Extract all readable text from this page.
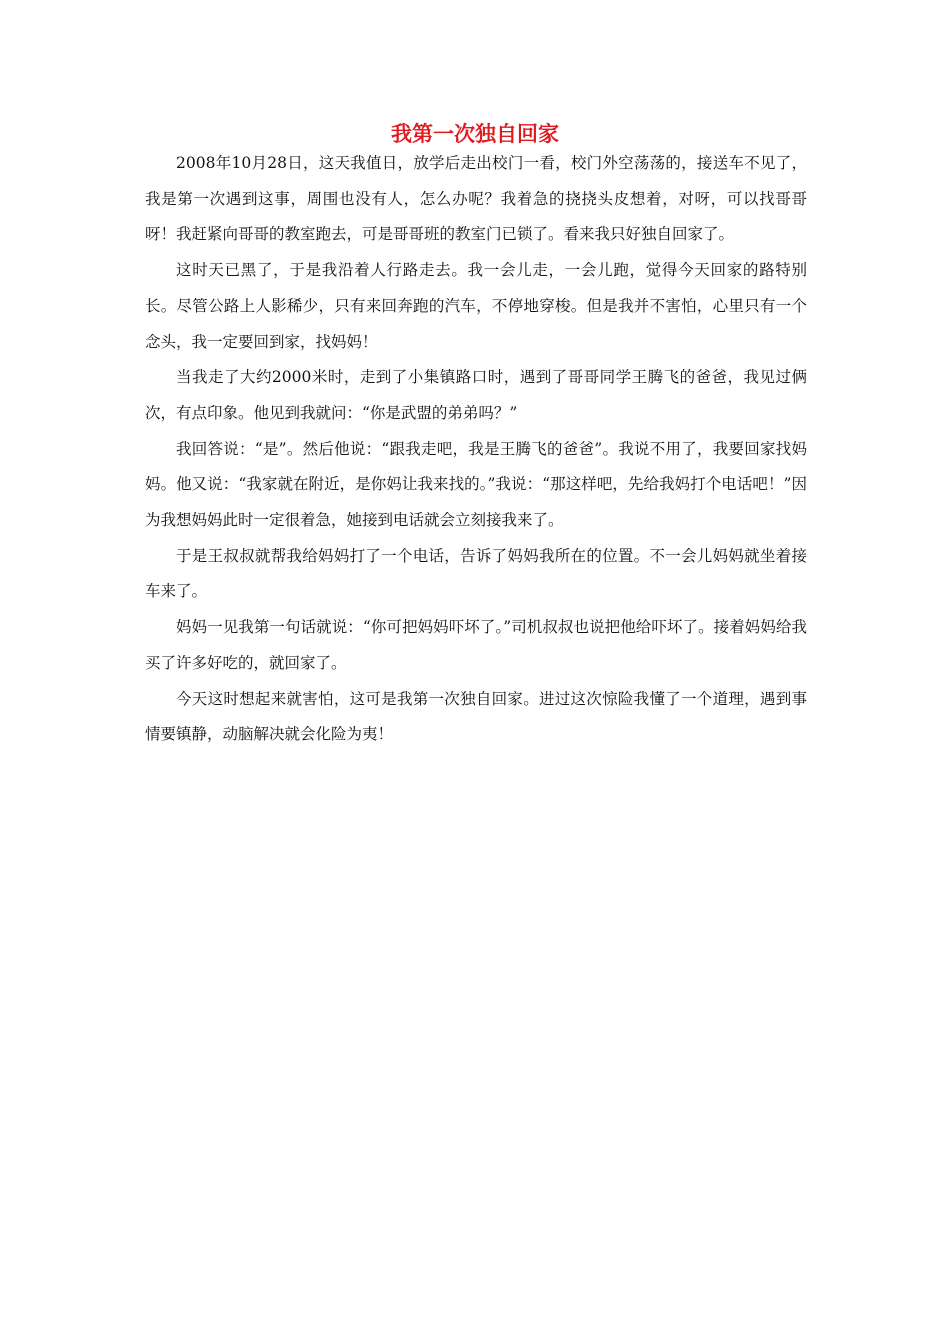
我第一次独自回家

2008年10月28日，这天我值日，放学后走出校门一看，校门外空荡荡的，接送车不见了，我是第一次遇到这事，周围也没有人，怎么办呢？我着急的挠挠头皮想着，对呀，可以找哥哥呀！我赶紧向哥哥的教室跑去，可是哥哥班的教室门已锁了。看来我只好独自回家了。

这时天已黑了，于是我沿着人行路走去。我一会儿走，一会儿跑，觉得今天回家的路特别长。尽管公路上人影稀少，只有来回奔跑的汽车，不停地穿梭。但是我并不害怕，心里只有一个念头，我一定要回到家，找妈妈！

当我走了大约2000米时，走到了小集镇路口时，遇到了哥哥同学王腾飞的爸爸，我见过俩次，有点印象。他见到我就问：“你是武盟的弟弟吗？”

我回答说：“是”。然后他说：“跟我走吧，我是王腾飞的爸爸”。我说不用了，我要回家找妈妈。他又说：“我家就在附近，是你妈让我来找的。”我说：“那这样吧，先给我妈打个电话吧！”因为我想妈妈此时一定很着急，她接到电话就会立刻接我来了。

于是王叔叔就帮我给妈妈打了一个电话，告诉了妈妈我所在的位置。不一会儿妈妈就坐着接车来了。

妈妈一见我第一句话就说：“你可把妈妈吓坏了。”司机叔叔也说把他给吓坏了。接着妈妈给我买了许多好吃的，就回家了。

今天这时想起来就害怕，这可是我第一次独自回家。进过这次惊险我懂了一个道理，遇到事情要镇静，动脑解决就会化险为夷！
